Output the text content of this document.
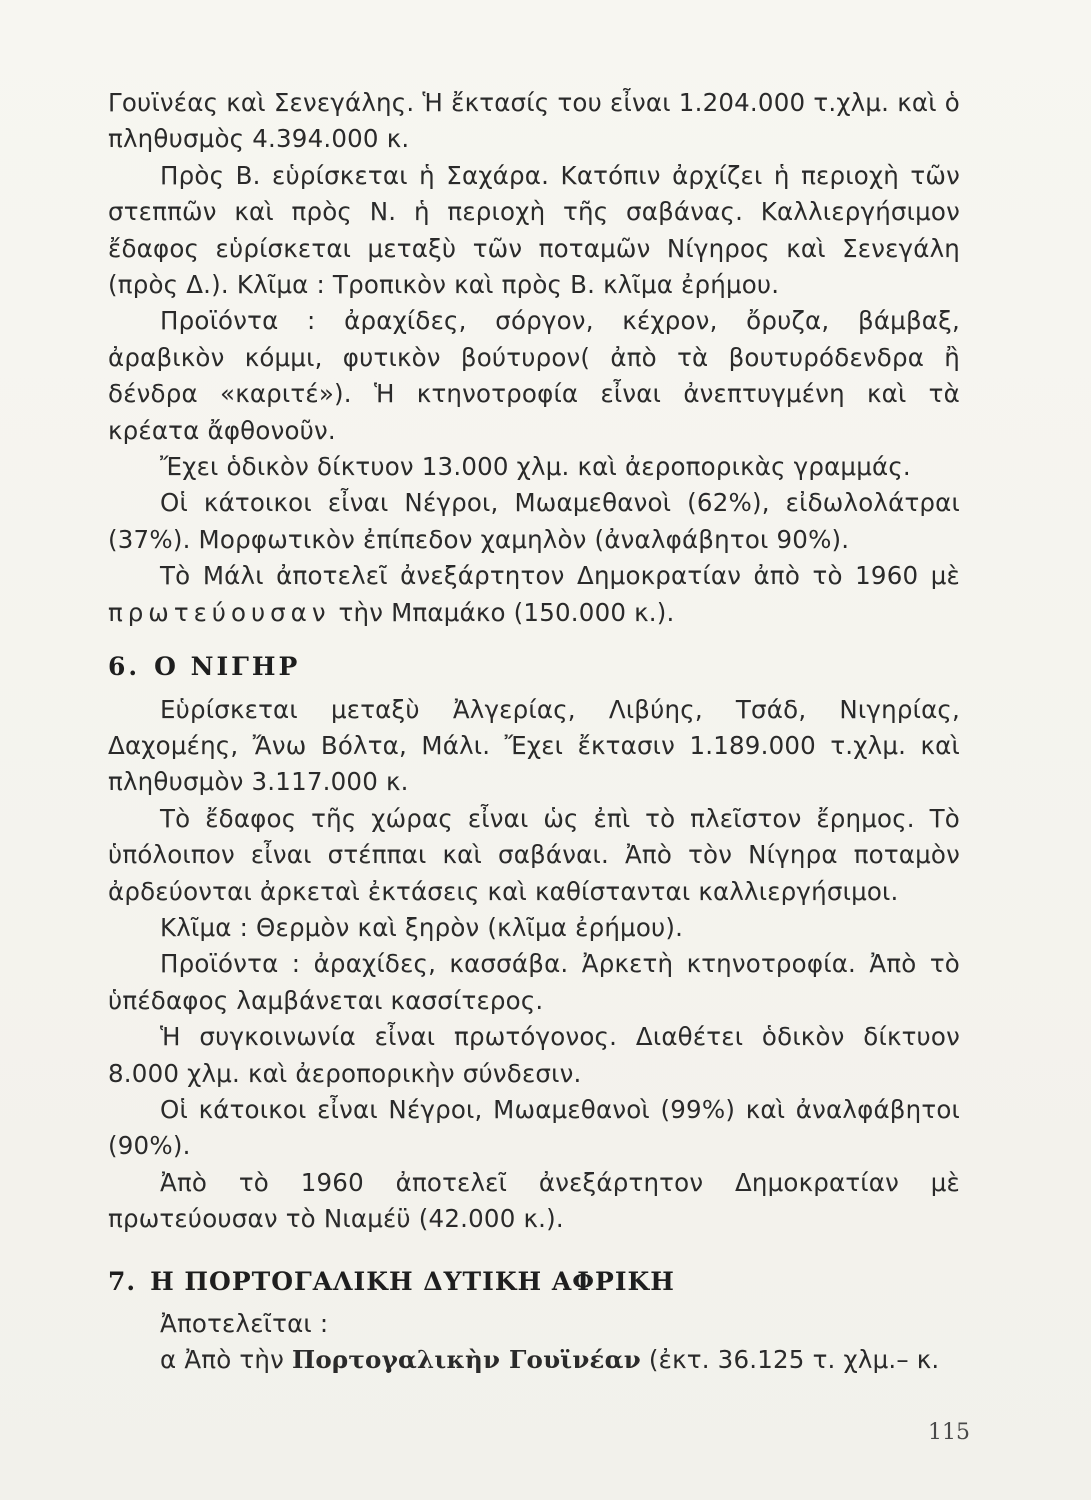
Γουϊνέας καὶ Σενεγάλης. Ἡ ἔκτασίς του εἶναι 1.204.000 τ.χλμ. καὶ ὁ πληθυσμὸς 4.394.000 κ.

Πρὸς Β. εὑρίσκεται ἡ Σαχάρα. Κατόπιν ἀρχίζει ἡ περιοχὴ τῶν στεππῶν καὶ πρὸς Ν. ἡ περιοχὴ τῆς σαβάνας. Καλλιεργήσιμον ἔδαφος εὑρίσκεται μεταξὺ τῶν ποταμῶν Νίγηρος καὶ Σενεγάλη (πρὸς Δ.). Κλῖμα : Τροπικὸν καὶ πρὸς Β. κλῖμα ἐρήμου.

Προϊόντα : ἀραχίδες, σόργον, κέχρον, ὄρυζα, βάμβαξ, ἀραβικὸν κόμμι, φυτικὸν βούτυρον( ἀπὸ τὰ βουτυρόδενδρα ἢ δένδρα «καριτέ»). Ἡ κτηνοτροφία εἶναι ἀνεπτυγμένη καὶ τὰ κρέατα ἄφθονοῦν.

Ἔχει ὁδικὸν δίκτυον 13.000 χλμ. καὶ ἀεροπορικὰς γραμμάς.

Οἱ κάτοικοι εἶναι Νέγροι, Μωαμεθανοὶ (62%), εἰδωλολάτραι (37%). Μορφωτικὸν ἐπίπεδον χαμηλὸν (ἀναλφάβητοι 90%).

Τὸ Μάλι ἀποτελεῖ ἀνεξάρτητον Δημοκρατίαν ἀπὸ τὸ 1960 μὲ πρωτεύουσαν τὴν Μπαμάκο (150.000 κ.).

6. Ο ΝΙΓΗΡ

Εὑρίσκεται μεταξὺ Ἀλγερίας, Λιβύης, Τσάδ, Νιγηρίας, Δαχομέης, Ἄνω Βόλτα, Μάλι. Ἔχει ἔκτασιν 1.189.000 τ.χλμ. καὶ πληθυσμὸν 3.117.000 κ.

Τὸ ἔδαφος τῆς χώρας εἶναι ὡς ἐπὶ τὸ πλεῖστον ἔρημος. Τὸ ὑπόλοιπον εἶναι στέππαι καὶ σαβάναι. Ἀπὸ τὸν Νίγηρα ποταμὸν ἀρδεύονται ἀρκεταὶ ἐκτάσεις καὶ καθίστανται καλλιεργήσιμοι.

Κλῖμα : Θερμὸν καὶ ξηρὸν (κλῖμα ἐρήμου).

Προϊόντα : ἀραχίδες, κασσάβα. Ἀρκετὴ κτηνοτροφία. Ἀπὸ τὸ ὑπέδαφος λαμβάνεται κασσίτερος.

Ἡ συγκοινωνία εἶναι πρωτόγονος. Διαθέτει ὁδικὸν δίκτυον 8.000 χλμ. καὶ ἀεροπορικὴν σύνδεσιν.

Οἱ κάτοικοι εἶναι Νέγροι, Μωαμεθανοὶ (99%) καὶ ἀναλφάβητοι (90%).

Ἀπὸ τὸ 1960 ἀποτελεῖ ἀνεξάρτητον Δημοκρατίαν μὲ πρωτεύουσαν τὸ Νιαμέϋ (42.000 κ.).

7. Η ΠΟΡΤΟΓΑΛΙΚΗ ΔΥΤΙΚΗ ΑΦΡΙΚΗ

Ἀποτελεῖται :

α Ἀπὸ τὴν Πορτογαλικὴν Γουϊνέαν (ἐκτ. 36.125 τ. χλμ.– κ.

115
